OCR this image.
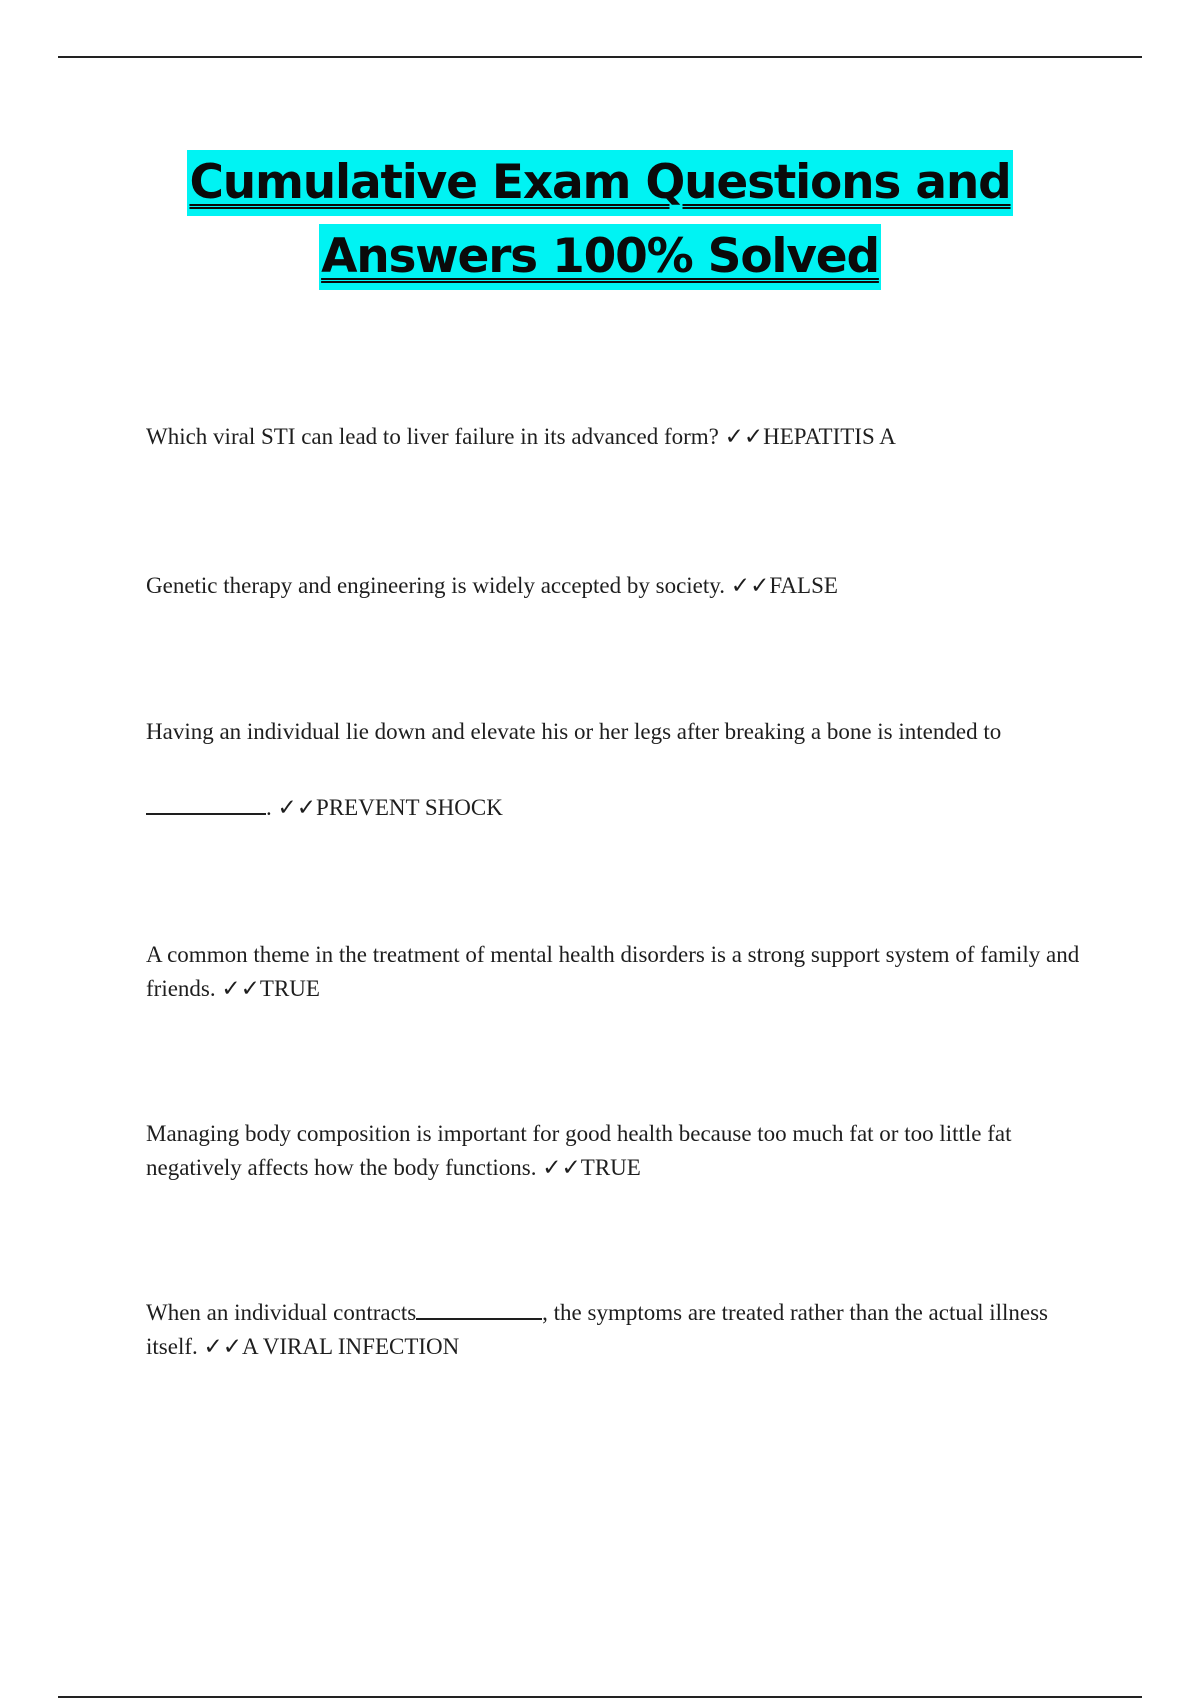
Cumulative Exam Questions and
Answers 100% Solved
Which viral STI can lead to liver failure in its advanced form? ✓✓HEPATITIS A
Genetic therapy and engineering is widely accepted by society. ✓✓FALSE
Having an individual lie down and elevate his or her legs after breaking a bone is intended to
. ✓✓PREVENT SHOCK
A common theme in the treatment of mental health disorders is a strong support system of family and friends. ✓✓TRUE
Managing body composition is important for good health because too much fat or too little fat negatively affects how the body functions. ✓✓TRUE
When an individual contracts	, the symptoms are treated rather than the actual illness itself. ✓✓A VIRAL INFECTION
